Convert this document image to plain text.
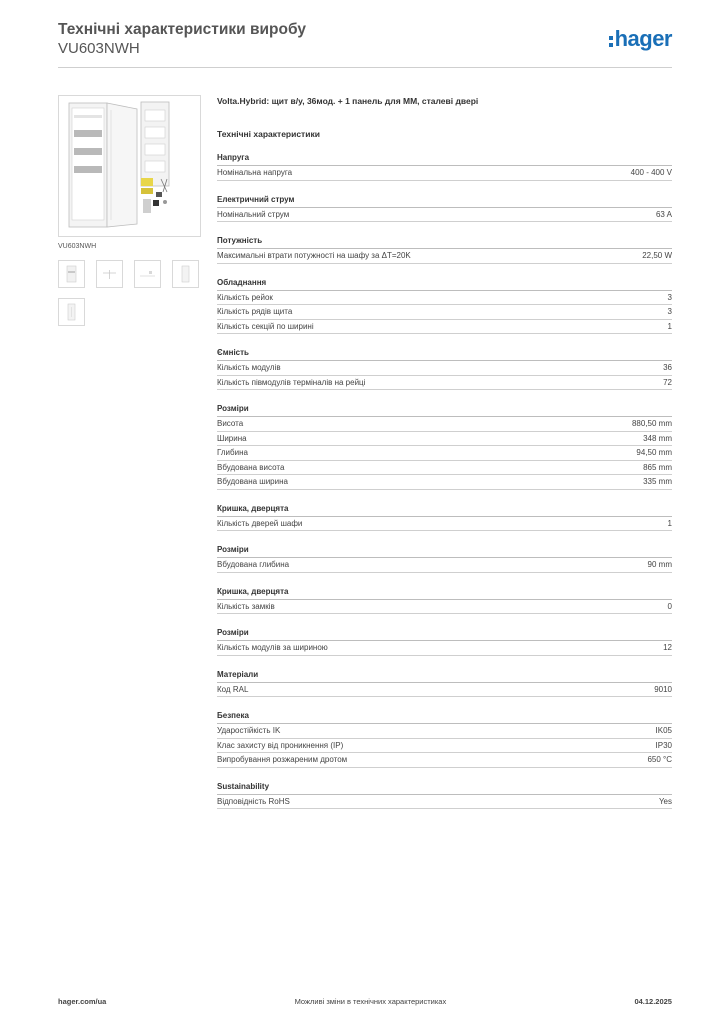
Технічні характеристики виробу
VU603NWH	hager
VU603NWH
Volta.Hybrid: щит в/у, 36мод. + 1 панель для ММ, сталеві двері
Технічні характеристики
Напруга
Номінальна напруга	400 - 400 V
Електричний струм
Номінальний струм	63 A
Потужність
Максимальні втрати потужності на шафу за ΔT=20K	22,50 W
Обладнання
Кількість рейок	3
Кількість рядів щита	3
Кількість секцій по ширині	1
Ємність
Кількість модулів	36
Кількість півмодулів терміналів на рейці	72
Розміри
Висота	880,50 mm
Ширина	348 mm
Глибина	94,50 mm
Вбудована висота	865 mm
Вбудована ширина	335 mm
Кришка, дверцята
Кількість дверей шафи	1
Розміри
Вбудована глибина	90 mm
Кришка, дверцята
Кількість замків	0
Розміри
Кількість модулів за шириною	12
Матеріали
Код RAL	9010
Безпека
Ударостійкість IK	IK05
Клас захисту від проникнення (IP)	IP30
Випробування розжареним дротом	650 °C
Sustainability
Відповідність RoHS	Yes
hager.com/ua	Можливі зміни в технічних характеристиках	04.12.2025
